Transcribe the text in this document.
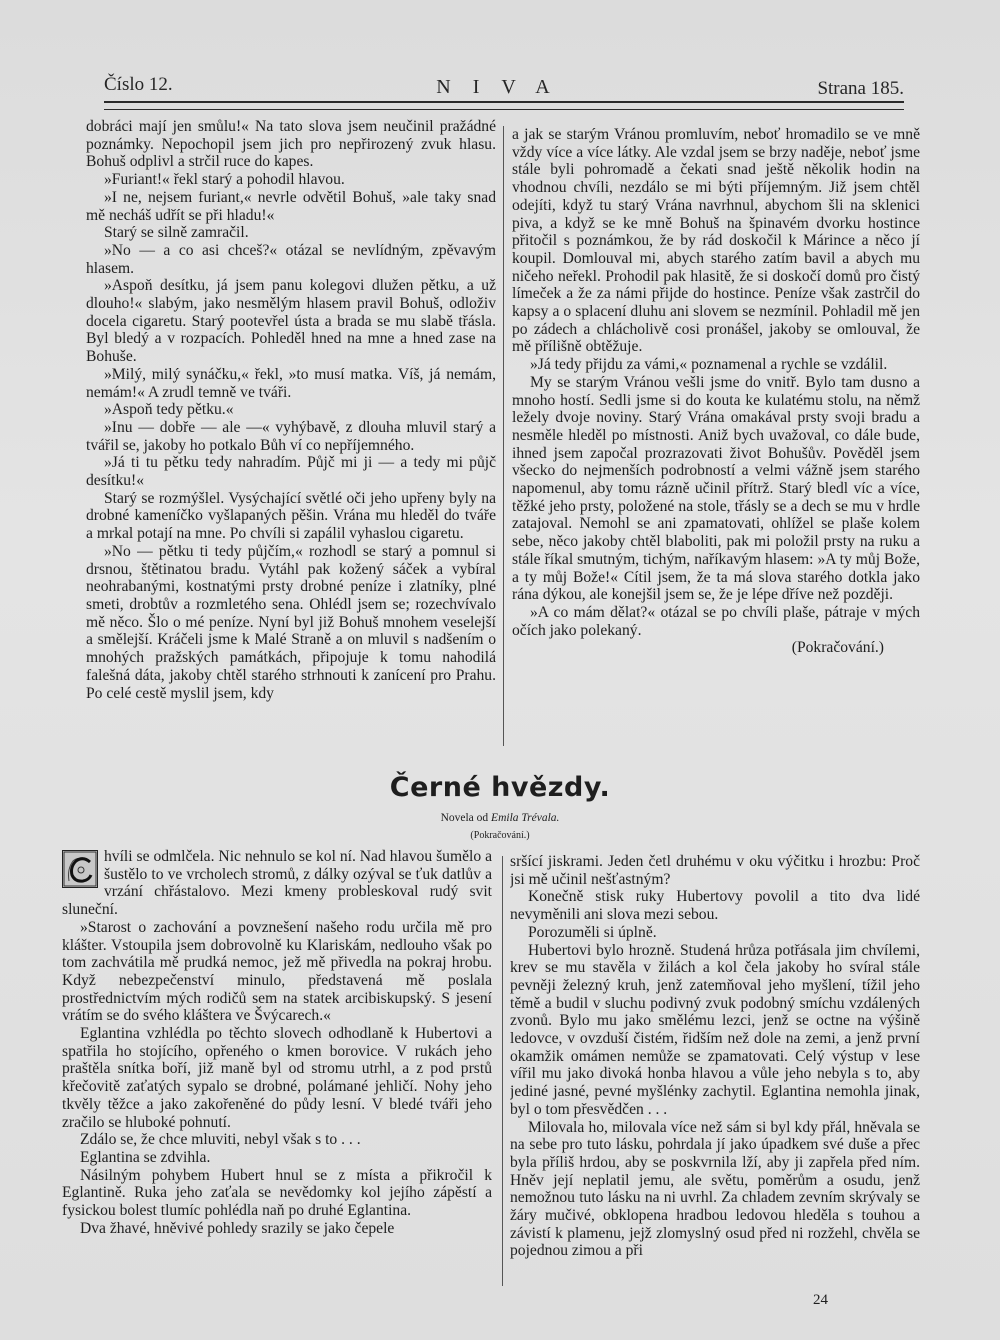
Číslo 12.	NIVA	Strana 185.

dobráci mají jen smůlu!« Na tato slova jsem neučinil pražádné poznámky. Nepochopil jsem jich pro nepřirozený zvuk hlasu. Bohuš odplivl a strčil ruce do kapes.

»Furiant!« řekl starý a pohodil hlavou.

»I ne, nejsem furiant,« nevrle odvětil Bohuš, »ale taky snad mě necháš udřít se při hladu!«

Starý se silně zamračil.

»No — a co asi chceš?« otázal se nevlídným, zpěvavým hlasem.

»Aspoň desítku, já jsem panu kolegovi dlužen pětku, a už dlouho!« slabým, jako nesmělým hlasem pravil Bohuš, odloživ docela cigaretu. Starý pootevřel ústa a brada se mu slabě třásla. Byl bledý a v rozpacích. Pohleděl hned na mne a hned zase na Bohuše.

»Milý, milý synáčku,« řekl, »to musí matka. Víš, já nemám, nemám!« A zrudl temně ve tváři.

»Aspoň tedy pětku.«

»Inu — dobře — ale —« vyhýbavě, z dlouha mluvil starý a tvářil se, jakoby ho potkalo Bůh ví co nepříjemného.

»Já ti tu pětku tedy nahradím. Půjč mi ji — a tedy mi půjč desítku!«

Starý se rozmýšlel. Vysýchající světlé oči jeho upřeny byly na drobné kameníčko vyšlapaných pěšin. Vrána mu hleděl do tváře a mrkal potají na mne. Po chvíli si zapálil vyhaslou cigaretu.

»No — pětku ti tedy půjčím,« rozhodl se starý a pomnul si drsnou, štětinatou bradu. Vytáhl pak kožený sáček a vybíral neohrabanými, kostnatými prsty drobné peníze i zlatníky, plné smeti, drobtův a rozmletého sena. Ohlédl jsem se; rozechvívalo mě něco. Šlo o mé peníze. Nyní byl již Bohuš mnohem veselejší a smělejší. Kráčeli jsme k Malé Straně a on mluvil s nadšením o mnohých pražských památkách, připojuje k tomu nahodilá falešná dáta, jakoby chtěl starého strhnouti k zanícení pro Prahu. Po celé cestě myslil jsem, kdy

a jak se starým Vránou promluvím, neboť hromadilo se ve mně vždy více a více látky. Ale vzdal jsem se brzy naděje, neboť jsme stále byli pohromadě a čekati snad ještě několik hodin na vhodnou chvíli, nezdálo se mi býti příjemným. Již jsem chtěl odejíti, když tu starý Vrána navrhnul, abychom šli na sklenici piva, a když se ke mně Bohuš na špinavém dvorku hostince přitočil s poznámkou, že by rád doskočil k Márince a něco jí koupil. Domlouval mi, abych starého zatím bavil a abych mu ničeho neřekl. Prohodil pak hlasitě, že si doskočí domů pro čistý límeček a že za námi přijde do hostince. Peníze však zastrčil do kapsy a o splacení dluhu ani slovem se nezmínil. Pohladil mě jen po zádech a chlácholivě cosi pronášel, jakoby se omlouval, že mě přílišně obtěžuje.

»Já tedy přijdu za vámi,« poznamenal a rychle se vzdálil.

My se starým Vránou vešli jsme do vnitř. Bylo tam dusno a mnoho hostí. Sedli jsme si do kouta ke kulatému stolu, na němž ležely dvoje noviny. Starý Vrána omakával prsty svoji bradu a nesměle hleděl po místnosti. Aniž bych uvažoval, co dále bude, ihned jsem započal prozrazovati život Bohušův. Pověděl jsem všecko do nejmenších podrobností a velmi vážně jsem starého napomenul, aby tomu rázně učinil přítrž. Starý bledl víc a více, těžké jeho prsty, položené na stole, třásly se a dech se mu v hrdle zatajoval. Nemohl se ani zpamatovati, ohlížel se plaše kolem sebe, něco jakoby chtěl blaboliti, pak mi položil prsty na ruku a stále říkal smutným, tichým, naříkavým hlasem: »A ty můj Bože, a ty můj Bože!« Cítil jsem, že ta má slova starého dotkla jako rána dýkou, ale konejšil jsem se, že je lépe dříve než později.

»A co mám dělat?« otázal se po chvíli plaše, pátraje v mých očích jako polekaný.

(Pokračování.)

Černé hvězdy.
Novela od Emila Trévala.
(Pokračování.)

hvíli se odmlčela. Nic nehnulo se kol ní. Nad hlavou šumělo a šustělo to ve vrcholech stromů, z dálky ozýval se ťuk datlův a vrzání chřástalovo. Mezi kmeny probleskoval rudý svit sluneční.

»Starost o zachování a povznešení našeho rodu určila mě pro klášter. Vstoupila jsem dobrovolně ku Klariskám, nedlouho však po tom zachvátila mě prudká nemoc, jež mě přivedla na pokraj hrobu. Když nebezpečenství minulo, představená mě poslala prostřednictvím mých rodičů sem na statek arcibiskupský. S jesení vrátím se do svého kláštera ve Švýcarech.«

Eglantina vzhlédla po těchto slovech odhodlaně k Hubertovi a spatřila ho stojícího, opřeného o kmen borovice. V rukách jeho praštěla snítka boří, již maně byl od stromu utrhl, a z pod prstů křečovitě zaťatých sypalo se drobné, polámané jehličí. Nohy jeho tkvěly těžce a jako zakořeněné do půdy lesní. V bledé tváři jeho zračilo se hluboké pohnutí.

Zdálo se, že chce mluviti, nebyl však s to . . .

Eglantina se zdvihla.

Násilným pohybem Hubert hnul se z místa a přikročil k Eglantině. Ruka jeho zaťala se nevědomky kol jejího zápěstí a fysickou bolest tlumíc pohlédla naň po druhé Eglantina.

Dva žhavé, hněvivé pohledy srazily se jako čepele

sršící jiskrami. Jeden četl druhému v oku výčitku i hrozbu: Proč jsi mě učinil nešťastným?

Konečně stisk ruky Hubertovy povolil a tito dva lidé nevyměnili ani slova mezi sebou.

Porozuměli si úplně.

Hubertovi bylo hrozně. Studená hrůza potřásala jim chvílemi, krev se mu stavěla v žilách a kol čela jakoby ho svíral stále pevněji železný kruh, jenž zatemňoval jeho myšlení, tížil jeho těmě a budil v sluchu podivný zvuk podobný smíchu vzdálených zvonů. Bylo mu jako smělému lezci, jenž se octne na výšině ledovce, v ovzduší čistém, řidším než dole na zemi, a jenž první okamžik omámen nemůže se zpamatovati. Celý výstup v lese vířil mu jako divoká honba hlavou a vůle jeho nebyla s to, aby jediné jasné, pevné myšlénky zachytil. Eglantina nemohla jinak, byl o tom přesvědčen . . .

Milovala ho, milovala více než sám si byl kdy přál, hněvala se na sebe pro tuto lásku, pohrdala jí jako úpadkem své duše a přec byla příliš hrdou, aby se poskvrnila lží, aby ji zapřela před ním. Hněv její neplatil jemu, ale světu, poměrům a osudu, jenž nemožnou tuto lásku na ni uvrhl. Za chladem zevním skrývaly se žáry mučivé, obklopena hradbou ledovou hleděla s touhou a závistí k plamenu, jejž zlomyslný osud před ni rozžehl, chvěla se pojednou zimou a při

24
